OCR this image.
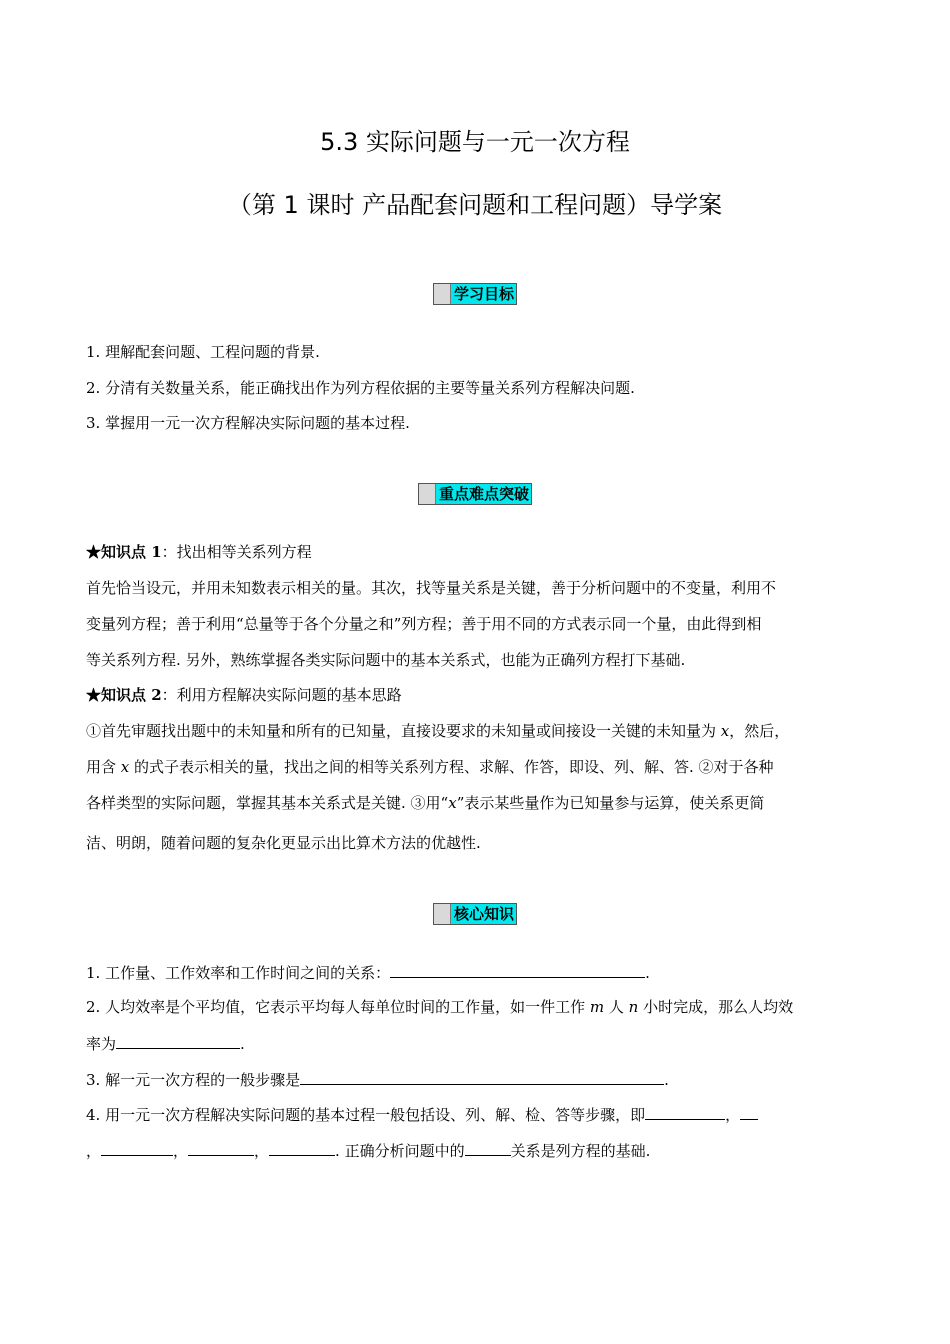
5.3 实际问题与一元一次方程
（第 1 课时 产品配套问题和工程问题）导学案
学习目标
1. 理解配套问题、工程问题的背景.
2. 分清有关数量关系，能正确找出作为列方程依据的主要等量关系列方程解决问题.
3. 掌握用一元一次方程解决实际问题的基本过程.
重点难点突破
★知识点 1：找出相等关系列方程
首先恰当设元，并用未知数表示相关的量。其次，找等量关系是关键，善于分析问题中的不变量，利用不
变量列方程；善于利用“总量等于各个分量之和”列方程；善于用不同的方式表示同一个量，由此得到相
等关系列方程. 另外，熟练掌握各类实际问题中的基本关系式，也能为正确列方程打下基础.
★知识点 2：利用方程解决实际问题的基本思路
①首先审题找出题中的未知量和所有的已知量，直接设要求的未知量或间接设一关键的未知量为 x，然后，
用含 x 的式子表示相关的量，找出之间的相等关系列方程、求解、作答，即设、列、解、答. ②对于各种
各样类型的实际问题，掌握其基本关系式是关键. ③用“x”表示某些量作为已知量参与运算，使关系更简
洁、明朗，随着问题的复杂化更显示出比算术方法的优越性.
核心知识
1. 工作量、工作效率和工作时间之间的关系：	.
2. 人均效率是个平均值，它表示平均每人每单位时间的工作量，如一件工作 m 人 n 小时完成，那么人均效
率为	.
3. 解一元一次方程的一般步骤是	.
4. 用一元一次方程解决实际问题的基本过程一般包括设、列、解、检、答等步骤，即	，
，	，	，	. 正确分析问题中的	关系是列方程的基础.
